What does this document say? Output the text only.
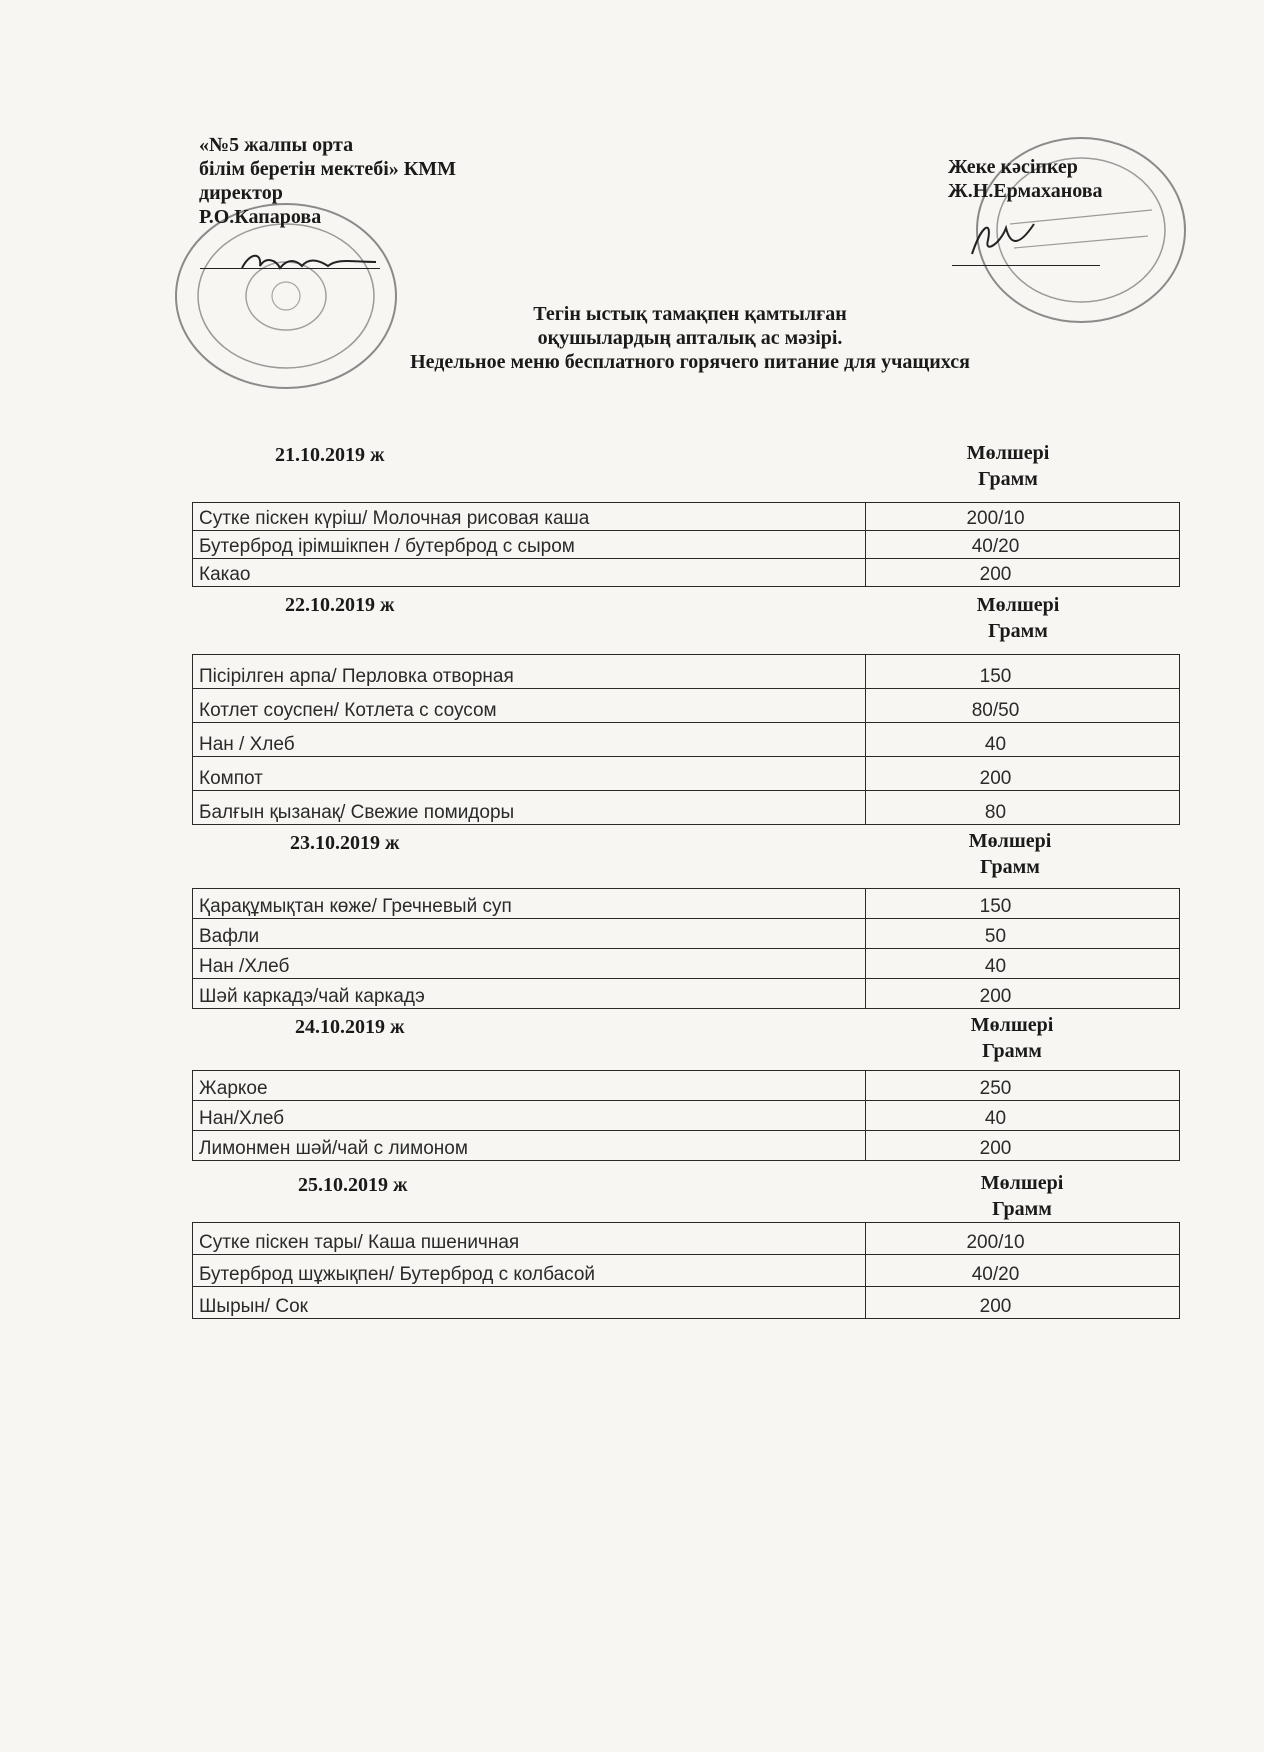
«№5 жалпы орта
білім беретін мектебі» КММ
директор
Р.О.Капарова
Жеке кәсіпкер
Ж.Н.Ермаханова
Тегін ыстық тамақпен қамтылған
оқушылардың апталық ас мәзірі.
Недельное меню бесплатного горячего питание для учащихся
21.10.2019 ж	Мөлшері
Грамм
Сутке піскен күріш/ Молочная рисовая каша	200/10
Бутерброд ірімшікпен / бутерброд с сыром	40/20
Какао	200
22.10.2019 ж	Мөлшері
Грамм
Пісірілген арпа/ Перловка отворная	150
Котлет соуспен/ Котлета с соусом	80/50
Нан / Хлеб	40
Компот	200
Балғын қызанақ/ Свежие помидоры	80
23.10.2019 ж	Мөлшері
Грамм
Қарақұмықтан көже/ Гречневый суп	150
Вафли	50
Нан /Хлеб	40
Шәй каркадэ/чай каркадэ	200
24.10.2019 ж	Мөлшері
Грамм
Жаркое	250
Нан/Хлеб	40
Лимонмен шәй/чай с лимоном	200
25.10.2019 ж	Мөлшері
Грамм
Сутке піскен тары/ Каша пшеничная	200/10
Бутерброд шұжықпен/ Бутерброд с колбасой	40/20
Шырын/ Сок	200
